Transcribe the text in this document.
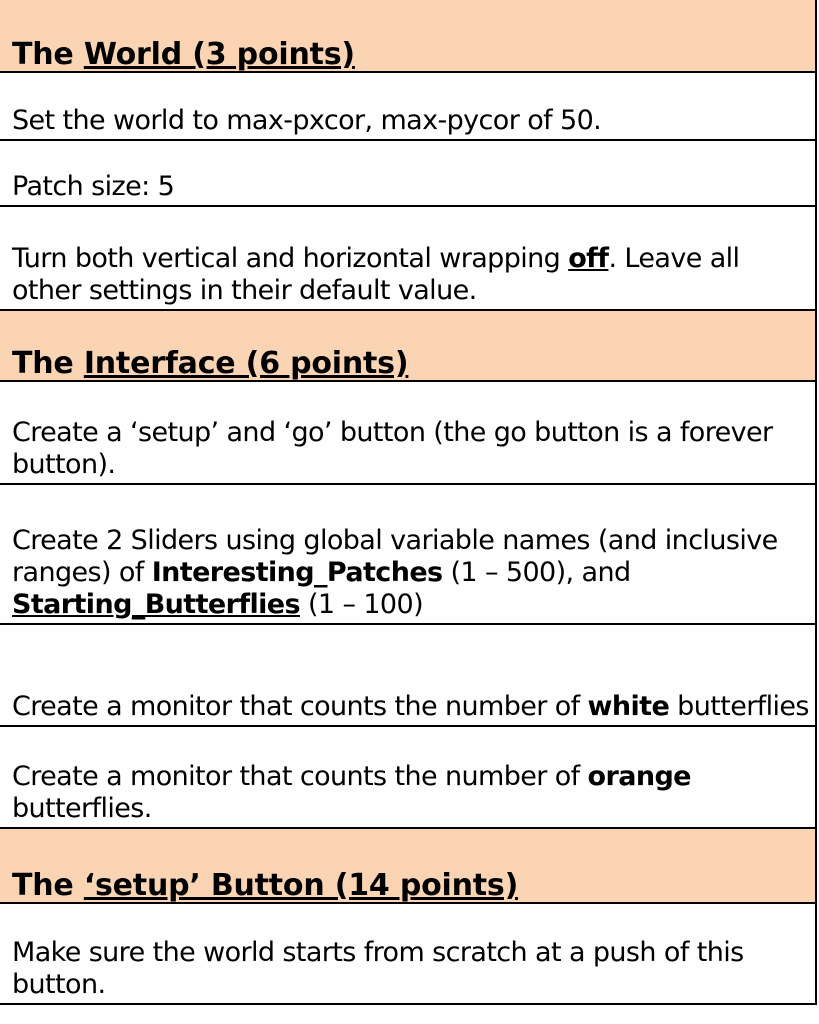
The World (3 points)
Set the world to max-pxcor, max-pycor of 50.
Patch size: 5
Turn both vertical and horizontal wrapping off. Leave all other settings in their default value.
The Interface (6 points)
Create a ‘setup’ and ‘go’ button (the go button is a forever button).
Create 2 Sliders using global variable names (and inclusive ranges) of Interesting_Patches (1 – 500), and Starting_Butterflies (1 – 100)
Create a monitor that counts the number of white butterflies
Create a monitor that counts the number of orange butterflies.
The ‘setup’ Button (14 points)
Make sure the world starts from scratch at a push of this button.
